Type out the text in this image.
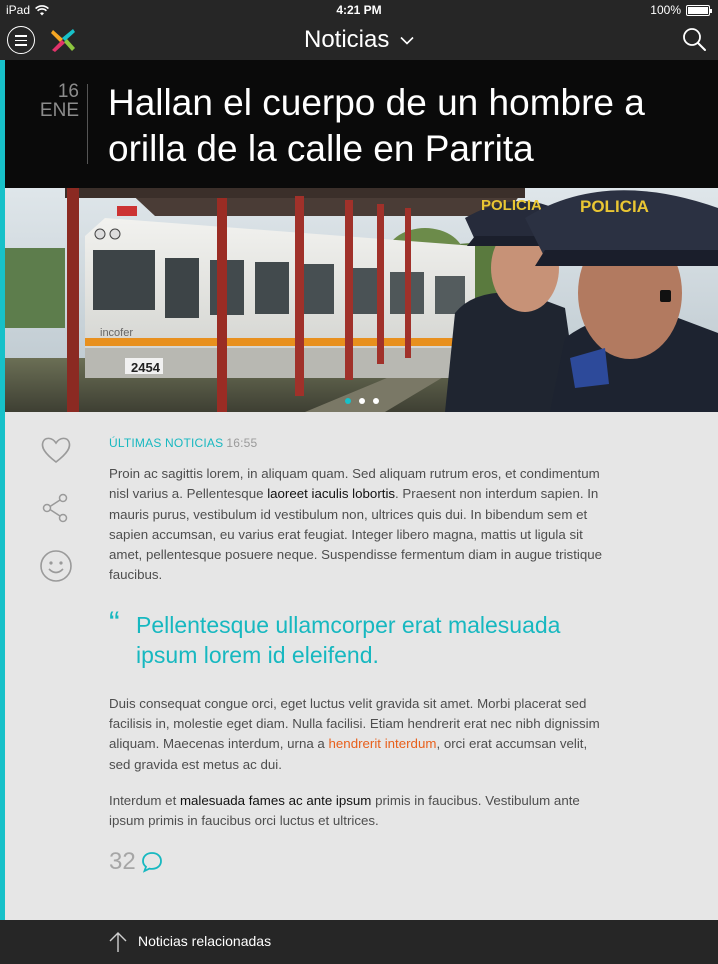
iPad	4:21 PM	100%
Noticias
16
ENE Hallan el cuerpo de un hombre a orilla de la calle en Parrita
2454
incofer
POLICIA POLICIA
ÚLTIMAS NOTICIAS 16:55

Proin ac sagittis lorem, in aliquam quam. Sed aliquam rutrum eros, et condimentum nisl varius a. Pellentesque laoreet iaculis lobortis. Praesent non interdum sapien. In mauris purus, vestibulum id vestibulum non, ultrices quis dui. In bibendum sem et sapien accumsan, eu varius erat feugiat. Integer libero magna, mattis ut ligula sit amet, pellentesque posuere neque. Suspendisse fermentum diam in augue tristique faucibus.

“ Pellentesque ullamcorper erat malesuada ipsum lorem id eleifend.

Duis consequat congue orci, eget luctus velit gravida sit amet. Morbi placerat sed facilisis in, molestie eget diam. Nulla facilisi. Etiam hendrerit erat nec nibh dignissim aliquam. Maecenas interdum, urna a hendrerit interdum, orci erat accumsan velit, sed gravida est metus ac dui.

Interdum et malesuada fames ac ante ipsum primis in faucibus. Vestibulum ante ipsum primis in faucibus orci luctus et ultrices.

32
Noticias relacionadas
